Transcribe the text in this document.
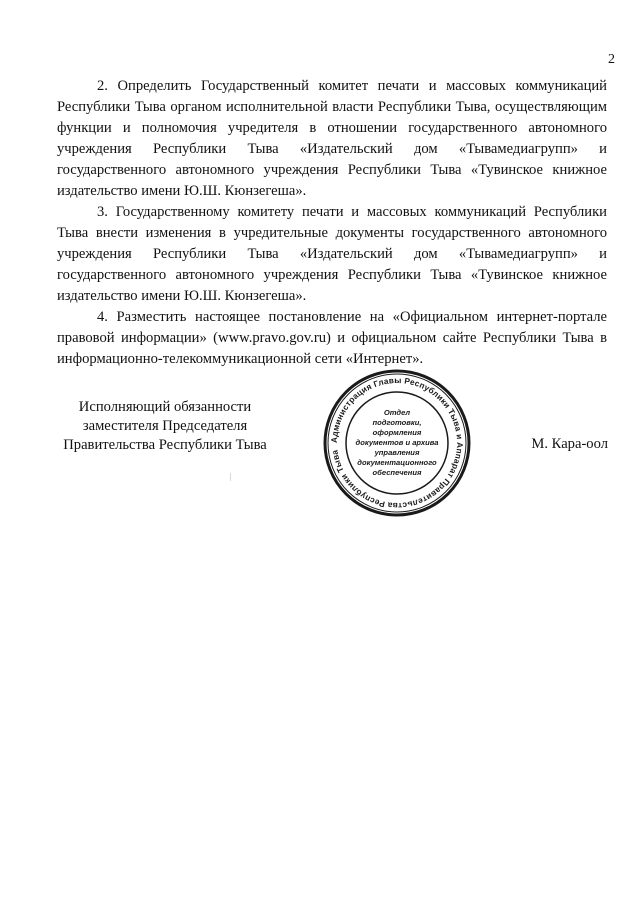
2

2. Определить Государственный комитет печати и массовых коммуникаций Республики Тыва органом исполнительной власти Республики Тыва, осуществляющим функции и полномочия учредителя в отношении государственного автономного учреждения Республики Тыва «Издательский дом «Тывамедиагрупп» и государственного автономного учреждения Республики Тыва «Тувинское книжное издательство имени Ю.Ш. Кюнзегеша».

3. Государственному комитету печати и массовых коммуникаций Республики Тыва внести изменения в учредительные документы государственного автономного учреждения Республики Тыва «Издательский дом «Тывамедиагрупп» и государственного автономного учреждения Республики Тыва «Тувинское книжное издательство имени Ю.Ш. Кюнзегеша».

4. Разместить настоящее постановление на «Официальном интернет-портале правовой информации» (www.pravo.gov.ru) и официальном сайте Республики Тыва в информационно-телекоммуникационной сети «Интернет».

Исполняющий обязанности
заместителя Председателя
Правительства Республики Тыва	Администрация Главы Республики Тыва и Аппарат Правительства Республики Тыва
Отдел
подготовки,
оформления
документов и архива
управления
документационного
обеспечения
М. Кара-оол
